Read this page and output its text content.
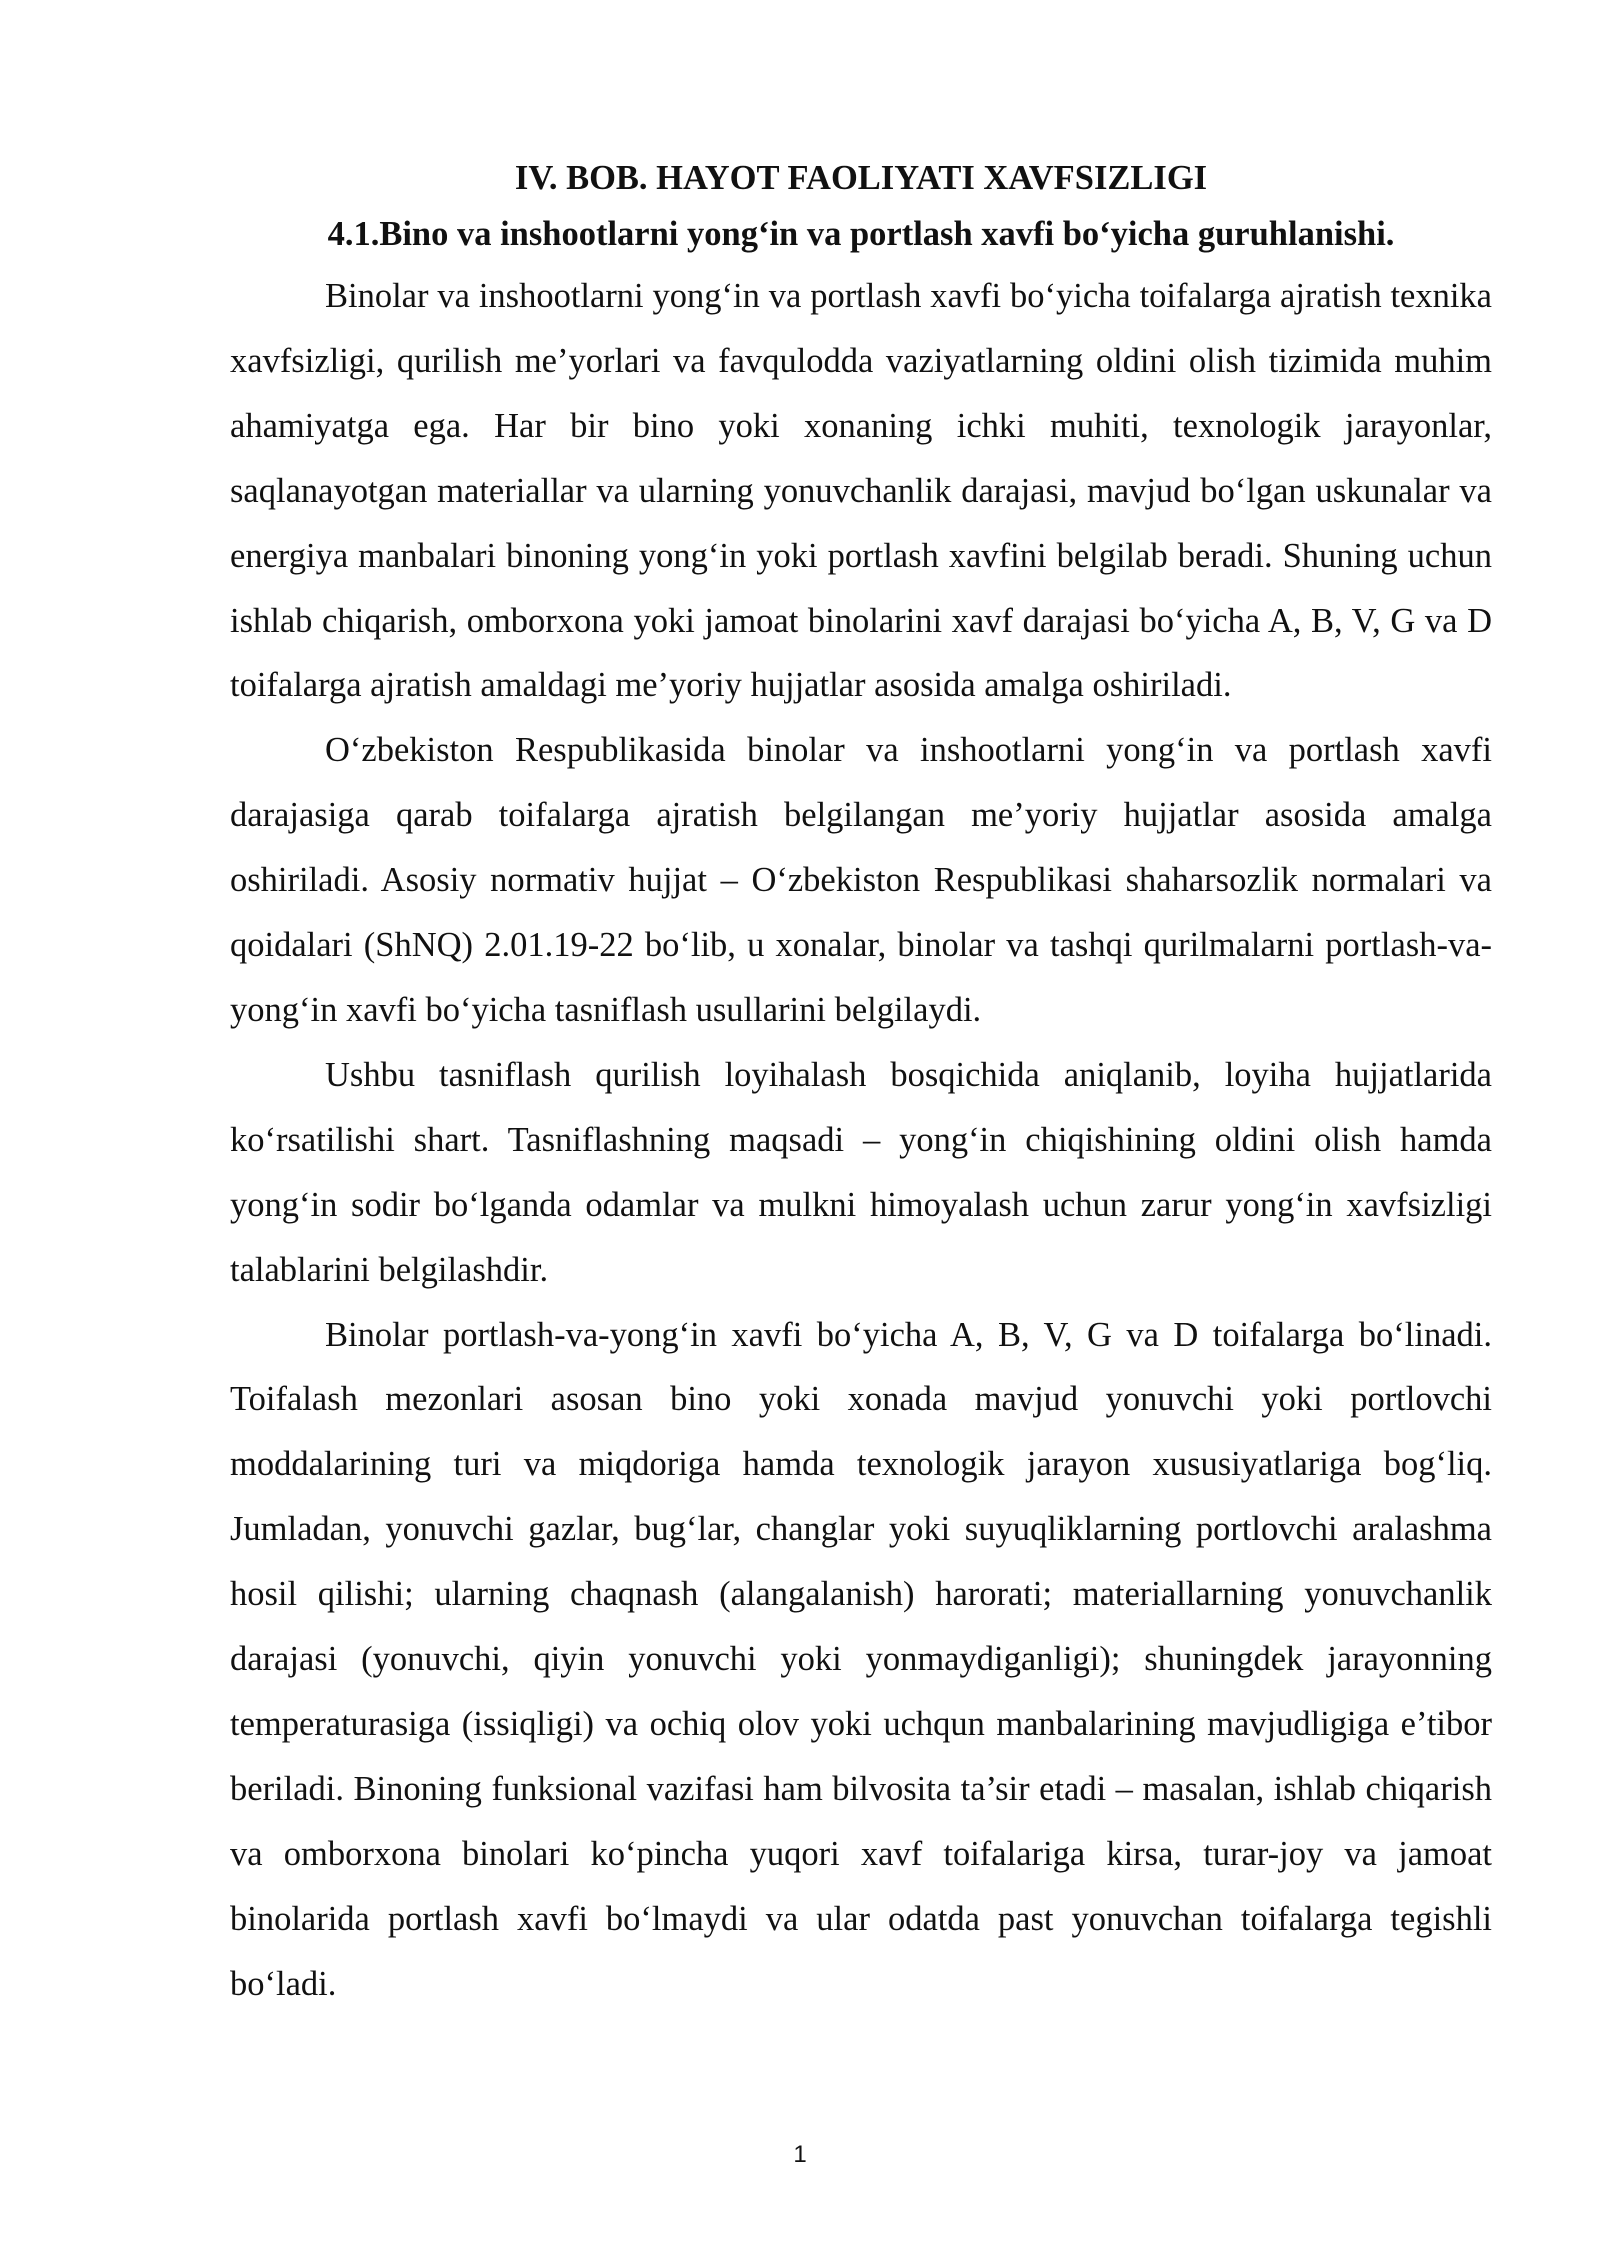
IV. BOB. HAYOT FAOLIYATI XAVFSIZLIGI
4.1.Bino va inshootlarni yong‘in va portlash xavfi bo‘yicha guruhlanishi.

Binolar va inshootlarni yong‘in va portlash xavfi bo‘yicha toifalarga ajratish texnika xavfsizligi, qurilish me’yorlari va favqulodda vaziyatlarning oldini olish tizimida muhim ahamiyatga ega. Har bir bino yoki xonaning ichki muhiti, texnologik jarayonlar, saqlanayotgan materiallar va ularning yonuvchanlik darajasi, mavjud bo‘lgan uskunalar va energiya manbalari binoning yong‘in yoki portlash xavfini belgilab beradi. Shuning uchun ishlab chiqarish, omborxona yoki jamoat binolarini xavf darajasi bo‘yicha A, B, V, G va D toifalarga ajratish amaldagi me’yoriy hujjatlar asosida amalga oshiriladi.

O‘zbekiston Respublikasida binolar va inshootlarni yong‘in va portlash xavfi darajasiga qarab toifalarga ajratish belgilangan me’yoriy hujjatlar asosida amalga oshiriladi. Asosiy normativ hujjat – O‘zbekiston Respublikasi shaharsozlik normalari va qoidalari (ShNQ) 2.01.19-22 bo‘lib, u xonalar, binolar va tashqi qurilmalarni portlash-va-yong‘in xavfi bo‘yicha tasniflash usullarini belgilaydi.

Ushbu tasniflash qurilish loyihalash bosqichida aniqlanib, loyiha hujjatlarida ko‘rsatilishi shart. Tasniflashning maqsadi – yong‘in chiqishining oldini olish hamda yong‘in sodir bo‘lganda odamlar va mulkni himoyalash uchun zarur yong‘in xavfsizligi talablarini belgilashdir.

Binolar portlash-va-yong‘in xavfi bo‘yicha A, B, V, G va D toifalarga bo‘linadi. Toifalash mezonlari asosan bino yoki xonada mavjud yonuvchi yoki portlovchi moddalarining turi va miqdoriga hamda texnologik jarayon xususiyatlariga bog‘liq. Jumladan, yonuvchi gazlar, bug‘lar, changlar yoki suyuqliklarning portlovchi aralashma hosil qilishi; ularning chaqnash (alangalanish) harorati; materiallarning yonuvchanlik darajasi (yonuvchi, qiyin yonuvchi yoki yonmaydiganligi); shuningdek jarayonning temperaturasiga (issiqligi) va ochiq olov yoki uchqun manbalarining mavjudligiga e’tibor beriladi. Binoning funksional vazifasi ham bilvosita ta’sir etadi – masalan, ishlab chiqarish va omborxona binolari ko‘pincha yuqori xavf toifalariga kirsa, turar-joy va jamoat binolarida portlash xavfi bo‘lmaydi va ular odatda past yonuvchan toifalarga tegishli bo‘ladi.

1
